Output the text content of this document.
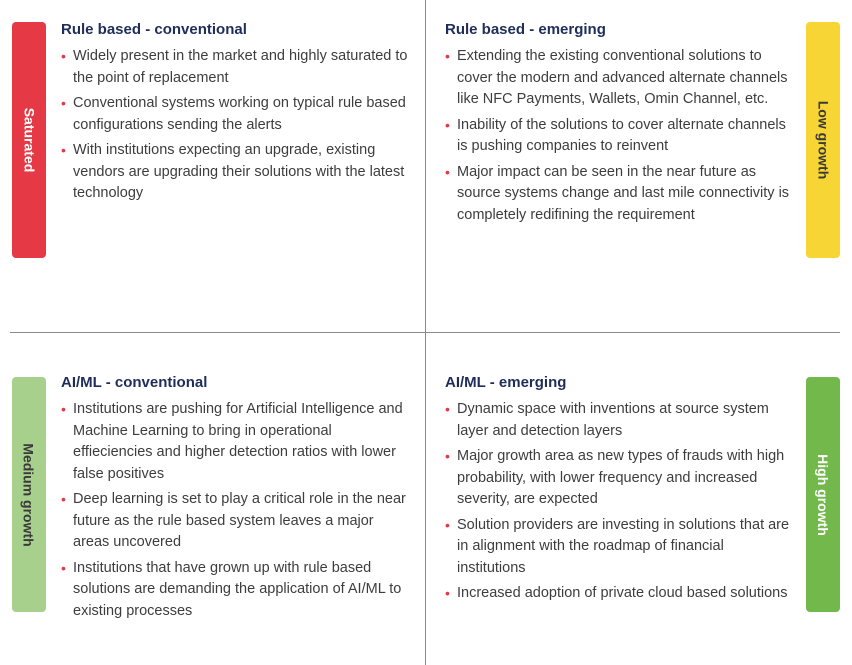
Saturated	Low growth
Medium growth	High growth
Rule based - conventional
• Widely present in the market and highly saturated to the point of replacement
• Conventional systems working on typical rule based configurations sending the alerts
• With institutions expecting an upgrade, existing vendors are upgrading their solutions with the latest technology
Rule based - emerging
• Extending the existing conventional solutions to cover the modern and advanced alternate channels like NFC Payments, Wallets, Omin Channel, etc.
• Inability of the solutions to cover alternate channels is pushing companies to reinvent
• Major impact can be seen in the near future as source systems change and last mile connectivity is completely redifining the requirement
AI/ML - conventional
• Institutions are pushing for Artificial Intelligence and Machine Learning to bring in operational effieciencies and higher detection ratios with lower false positives
• Deep learning is set to play a critical role in the near future as the rule based system leaves a major areas uncovered
• Institutions that have grown up with rule based solutions are demanding the application of AI/ML to existing processes
AI/ML - emerging
• Dynamic space with inventions at source system layer and detection layers
• Major growth area as new types of frauds with high probability, with lower frequency and increased severity, are expected
• Solution providers are investing in solutions that are in alignment with the roadmap of financial institutions
• Increased adoption of private cloud based solutions
